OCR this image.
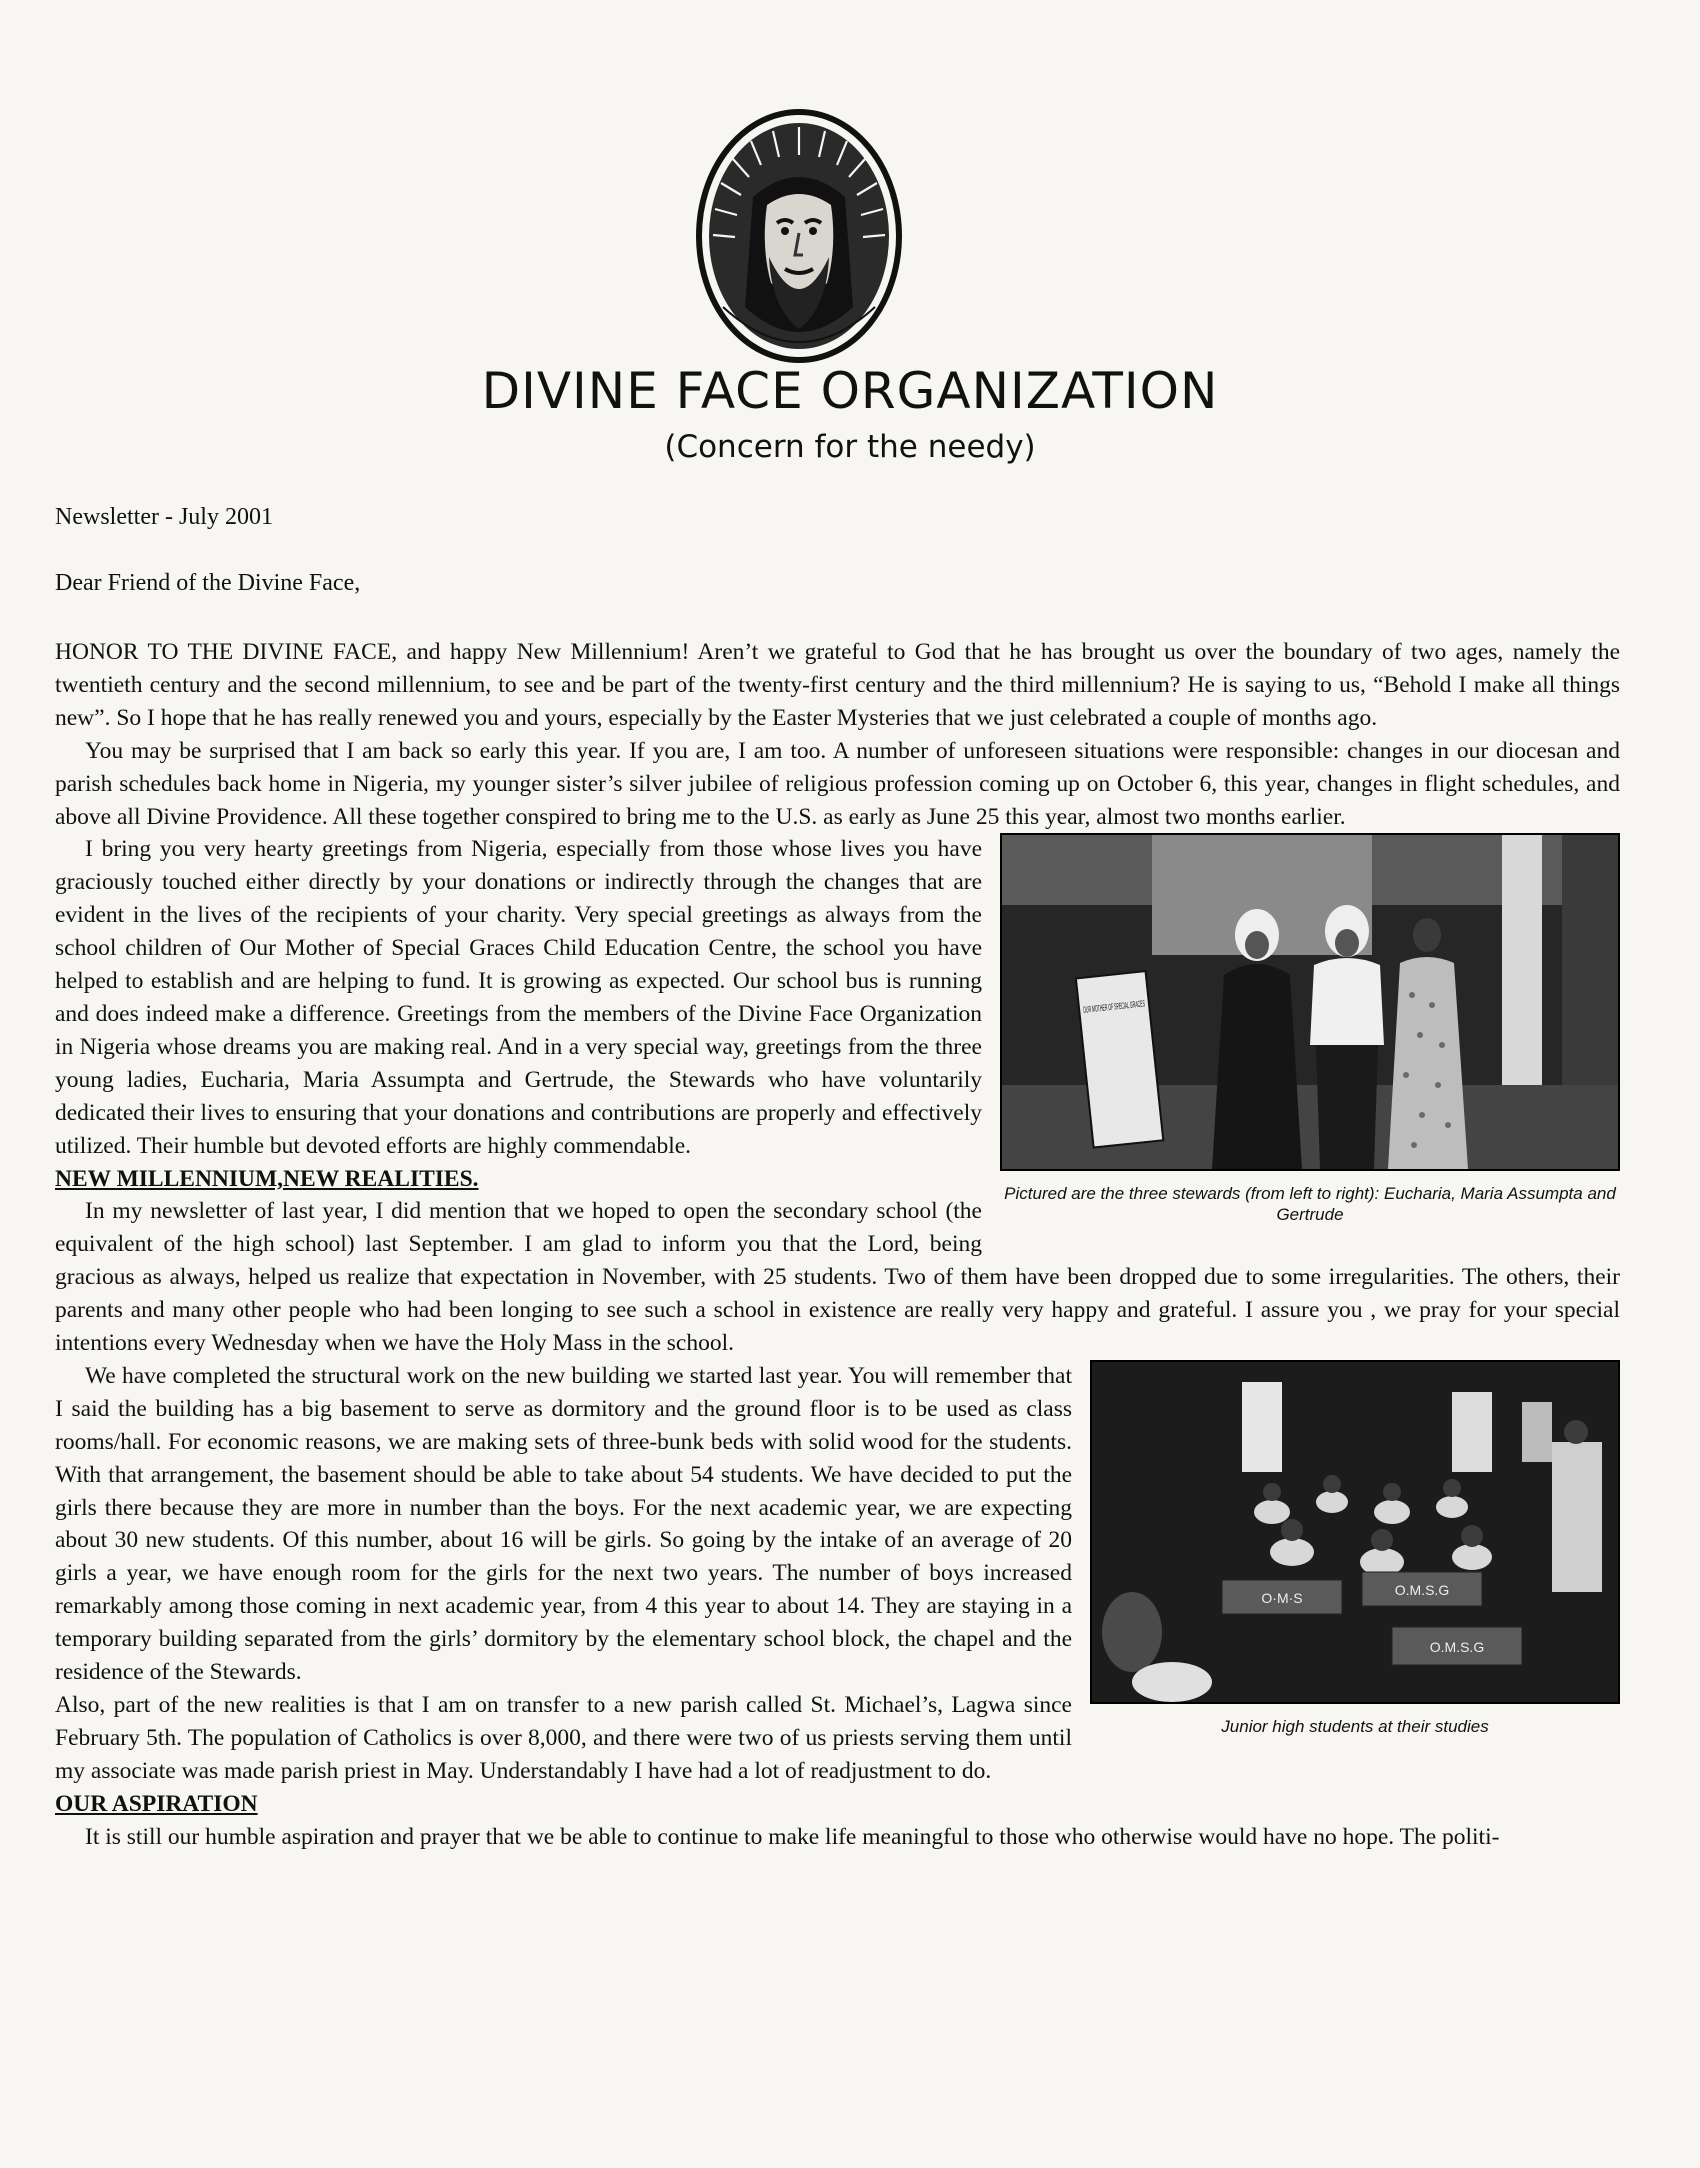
DIVINE FACE ORGANIZATION
(Concern for the needy)
Newsletter - July 2001
Dear Friend of the Divine Face,

HONOR TO THE DIVINE FACE, and happy New Millennium! Aren’t we grateful to God that he has brought us over the boundary of two ages, namely the twentieth century and the second millennium, to see and be part of the twenty-first century and the third millennium? He is saying to us, “Behold I make all things new”. So I hope that he has really renewed you and yours, especially by the Easter Mysteries that we just celebrated a couple of months ago.

You may be surprised that I am back so early this year. If you are, I am too. A number of unforeseen situations were responsible: changes in our diocesan and parish schedules back home in Nigeria, my younger sister’s silver jubilee of religious profession coming up on October 6, this year, changes in flight schedules, and above all Divine Providence. All these together conspired to bring me to the U.S. as early as June 25 this year, almost two months earlier.

Pictured are the three stewards (from left to right): Eucharia, Maria Assumpta and Gertrude

I bring you very hearty greetings from Nigeria, especially from those whose lives you have graciously touched either directly by your donations or indirectly through the changes that are evident in the lives of the recipients of your charity. Very special greetings as always from the school children of Our Mother of Special Graces Child Education Centre, the school you have helped to establish and are helping to fund. It is growing as expected. Our school bus is running and does indeed make a difference. Greetings from the members of the Divine Face Organization in Nigeria whose dreams you are making real. And in a very special way, greetings from the three young ladies, Eucharia, Maria Assumpta and Gertrude, the Stewards who have voluntarily dedicated their lives to ensuring that your donations and contributions are properly and effectively utilized. Their humble but devoted efforts are highly commendable.

NEW MILLENNIUM,NEW REALITIES.

In my newsletter of last year, I did mention that we hoped to open the secondary school (the equivalent of the high school) last September. I am glad to inform you that the Lord, being gracious as always, helped us realize that expectation in November, with 25 students. Two of them have been dropped due to some irregularities. The others, their parents and many other people who had been longing to see such a school in existence are really very happy and grateful. I assure you , we pray for your special intentions every Wednesday when we have the Holy Mass in the school.

O·M·S	O.M.S.G
O.M.S.G
Junior high students at their studies

We have completed the structural work on the new building we started last year. You will remember that I said the building has a big basement to serve as dormitory and the ground floor is to be used as class rooms/hall. For economic reasons, we are making sets of three-bunk beds with solid wood for the students. With that arrangement, the basement should be able to take about 54 students. We have decided to put the girls there because they are more in number than the boys. For the next academic year, we are expecting about 30 new students. Of this number, about 16 will be girls. So going by the intake of an average of 20 girls a year, we have enough room for the girls for the next two years. The number of boys increased remarkably among those coming in next academic year, from 4 this year to about 14. They are staying in a temporary building separated from the girls’ dormitory by the elementary school block, the chapel and the residence of the Stewards.

Also, part of the new realities is that I am on transfer to a new parish called St. Michael’s, Lagwa since February 5th. The population of Catholics is over 8,000, and there were two of us priests serving them until my associate was made parish priest in May. Understandably I have had a lot of readjustment to do.

OUR ASPIRATION

It is still our humble aspiration and prayer that we be able to continue to make life meaningful to those who otherwise would have no hope. The politi-
